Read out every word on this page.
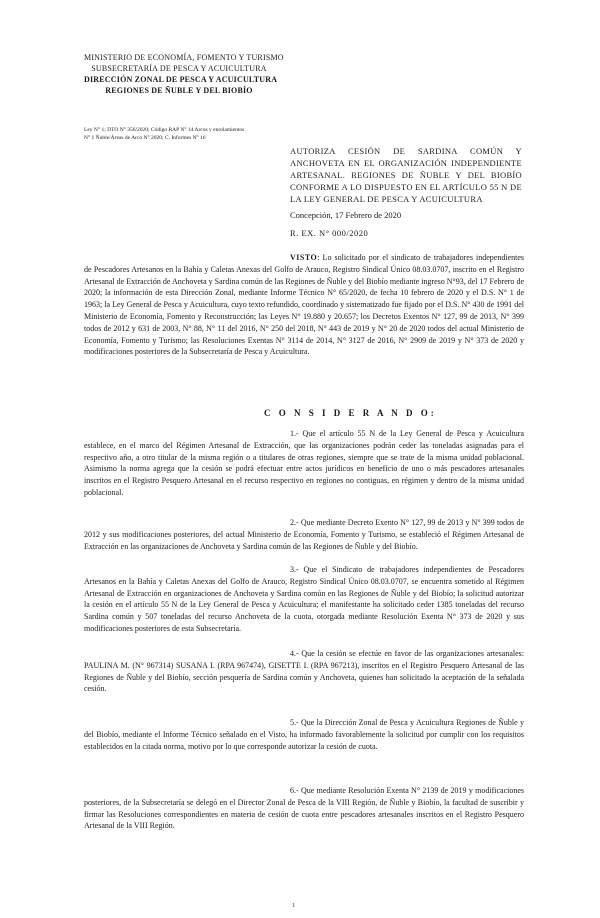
MINISTERIO DE ECONOMÍA, FOMENTO Y TURISMO
SUBSECRETARÍA DE PESCA Y ACUICULTURA
DIRECCIÓN ZONAL DE PESCA Y ACUICULTURA
REGIONES DE ÑUBLE Y DEL BIOBÍO
Ley N° 1; DTO N° 356/2020; Código RAP N° 14 Arcos y enrolamientos
N° 1 Ñuble/Áreas de Arco N° 2020; C. Informes N° 16
AUTORIZA CESIÓN DE SARDINA COMÚN Y ANCHOVETA EN EL ORGANIZACIÓN INDEPENDIENTE ARTESANAL. REGIONES DE ÑUBLE Y DEL BIOBÍO CONFORME A LO DISPUESTO EN EL ARTÍCULO 55 N DE LA LEY GENERAL DE PESCA Y ACUICULTURA
Concepción, 17 Febrero de 2020
R. EX. N° 000/2020
VISTO: Lo solicitado por el sindicato de trabajadores independientes de Pescadores Artesanos en la Bahía y Caletas Anexas del Golfo de Arauco, Registro Sindical Único 08.03.0707, inscrito en el Registro Artesanal de Extracción de Anchoveta y Sardina común de las Regiones de Ñuble y del Biobío mediante ingreso N°93, del 17 Febrero de 2020; la información de esta Dirección Zonal, mediante Informe Técnico N° 65/2020, de fecha 10 febrero de 2020 y el D.S. N° 1 de 1963; la Ley General de Pesca y Acuicultura, cuyo texto refundido, coordinado y sistematizado fue fijado por el D.S. N° 430 de 1991 del Ministerio de Economía, Fomento y Reconstrucción; las Leyes N° 19.880 y 20.657; los Decretos Exentos N° 127, 99 de 2013, N° 399 todos de 2012 y 631 de 2003, N° 88, N° 11 del 2016, N° 250 del 2018, N° 443 de 2019 y N° 20 de 2020 todos del actual Ministerio de Economía, Fomento y Turismo; las Resoluciones Exentas N° 3114 de 2014, N° 3127 de 2016, N° 2909 de 2019 y N° 373 de 2020 y modificaciones posteriores de la Subsecretaría de Pesca y Acuicultura.
C O N S I D E R A N D O:
1.- Que el artículo 55 N de la Ley General de Pesca y Acuicultura establece, en el marco del Régimen Artesanal de Extracción, que las organizaciones podrán ceder las toneladas asignadas para el respectivo año, a otro titular de la misma región o a titulares de otras regiones, siempre que se trate de la misma unidad poblacional. Asimismo la norma agrega que la cesión se podrá efectuar entre actos jurídicos en beneficio de uno o más pescadores artesanales inscritos en el Registro Pesquero Artesanal en el recurso respectivo en regiones no contiguas, en régimen y dentro de la misma unidad poblacional.
2.- Que mediante Decreto Exento N° 127, 99 de 2013 y N° 399 todos de 2012 y sus modificaciones posteriores, del actual Ministerio de Economía, Fomento y Turismo, se estableció el Régimen Artesanal de Extracción en las organizaciones de Anchoveta y Sardina común de las Regiones de Ñuble y del Biobío.
3.- Que el Sindicato de trabajadores independientes de Pescadores Artesanos en la Bahía y Caletas Anexas del Golfo de Arauco, Registro Sindical Único 08.03.0707, se encuentra sometido al Régimen Artesanal de Extracción en organizaciones de Anchoveta y Sardina común en las Regiones de Ñuble y del Biobío; la solicitud autorizar la cesión en el artículo 55 N de la Ley General de Pesca y Acuicultura; el manifestante ha solicitado ceder 1385 toneladas del recurso Sardina común y 507 toneladas del recurso Anchoveta de la cuota, otorgada mediante Resolución Exenta N° 373 de 2020 y sus modificaciones posteriores de esta Subsecretaría.
4.- Que la cesión se efectúe en favor de las organizaciones artesanales: PAULINA M. (N° 967314) SUSANA I. (RPA 967474), GISETTE I. (RPA 967213), inscritos en el Registro Pesquero Artesanal de las Regiones de Ñuble y del Biobío, sección pesquería de Sardina común y Anchoveta, quienes han solicitado la aceptación de la señalada cesión.
5.- Que la Dirección Zonal de Pesca y Acuicultura Regiones de Ñuble y del Biobío, mediante el Informe Técnico señalado en el Visto, ha informado favorablemente la solicitud por cumplir con los requisitos establecidos en la citada norma, motivo por lo que corresponde autorizar la cesión de cuota.
6.- Que mediante Resolución Exenta N° 2139 de 2019 y modificaciones posteriores, de la Subsecretaría se delegó en el Director Zonal de Pesca de la VIII Región, de Ñuble y Biobío, la facultad de suscribir y firmar las Resoluciones correspondientes en materia de cesión de cuota entre pescadores artesanales inscritos en el Registro Pesquero Artesanal de la VIII Región.
1
